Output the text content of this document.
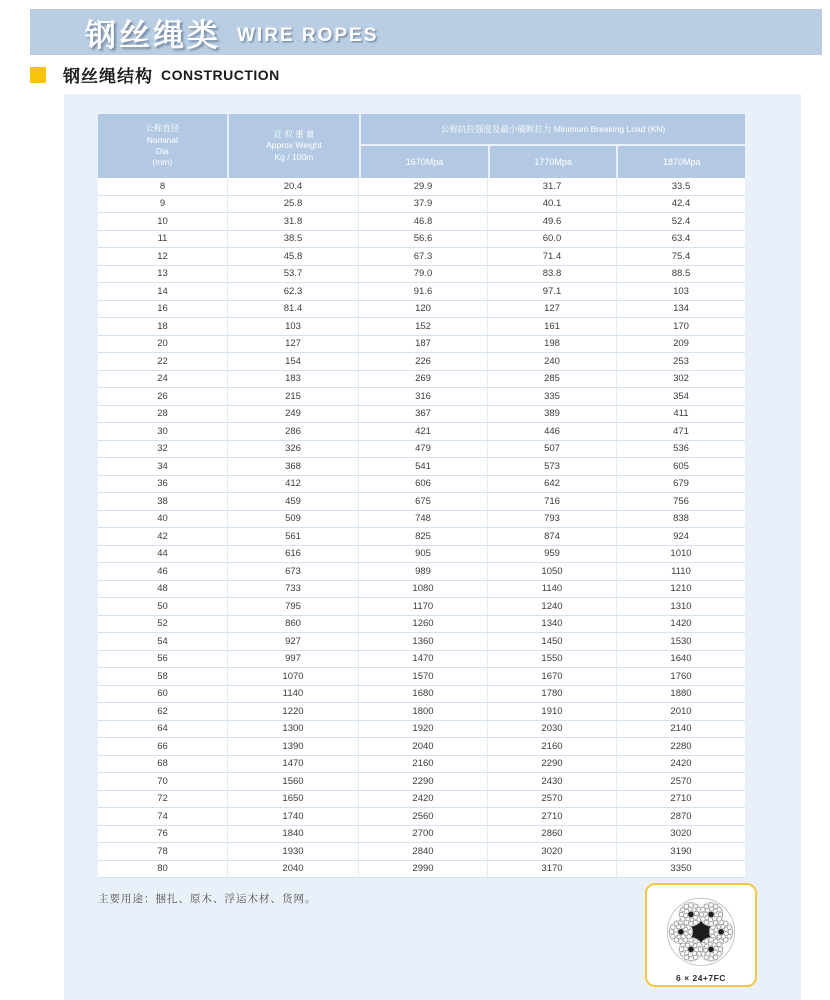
钢丝绳类 WIRE ROPES
钢丝绳结构 CONSTRUCTION
公称直径
Nominal
Dia
(mm)
近 似 重 量
Approx Weight
Kg / 100m
公称抗拉强度及最小破断拉力 Minimum Breaking Load (KN)
1670Mpa	1770Mpa	1870Mpa
8	20.4	29.9	31.7	33.5
9	25.8	37.9	40.1	42.4
10	31.8	46.8	49.6	52.4
11	38.5	56.6	60.0	63.4
12	45.8	67.3	71.4	75.4
13	53.7	79.0	83.8	88.5
14	62.3	91.6	97.1	103
16	81.4	120	127	134
18	103	152	161	170
20	127	187	198	209
22	154	226	240	253
24	183	269	285	302
26	215	316	335	354
28	249	367	389	411
30	286	421	446	471
32	326	479	507	536
34	368	541	573	605
36	412	606	642	679
38	459	675	716	756
40	509	748	793	838
42	561	825	874	924
44	616	905	959	1010
46	673	989	1050	1110
48	733	1080	1140	1210
50	795	1170	1240	1310
52	860	1260	1340	1420
54	927	1360	1450	1530
56	997	1470	1550	1640
58	1070	1570	1670	1760
60	1140	1680	1780	1880
62	1220	1800	1910	2010
64	1300	1920	2030	2140
66	1390	2040	2160	2280
68	1470	2160	2290	2420
70	1560	2290	2430	2570
72	1650	2420	2570	2710
74	1740	2560	2710	2870
76	1840	2700	2860	3020
78	1930	2840	3020	3190
80	2040	2990	3170	3350
主要用途：捆扎、原木、浮运木材、货网。
6 × 24+7FC
